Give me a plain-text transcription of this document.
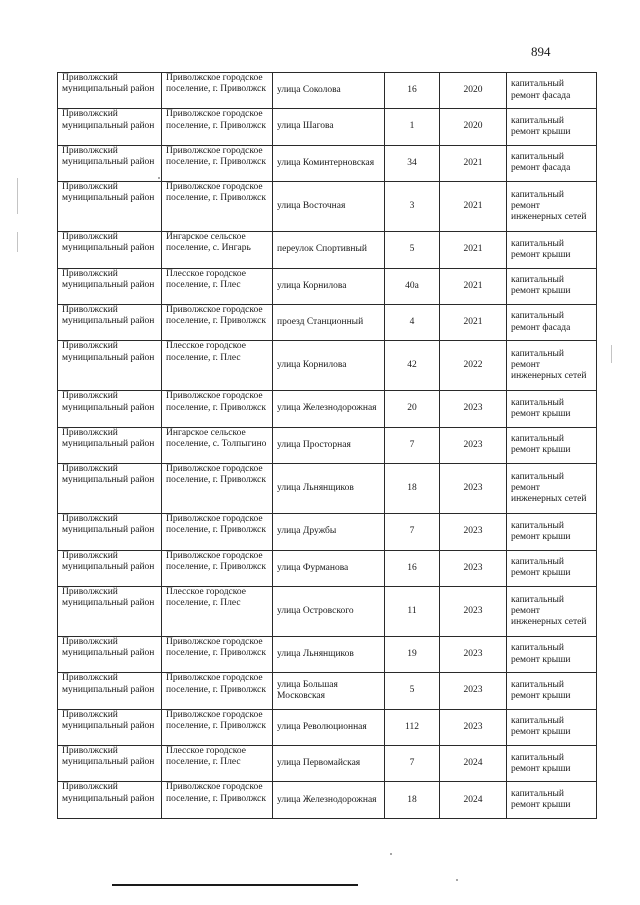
894
Приволжский муниципальный район	Приволжское городское поселение, г. Приволжск	улица Соколова	16	2020	капитальный ремонт фасада
Приволжский муниципальный район	Приволжское городское поселение, г. Приволжск	улица Шагова	1	2020	капитальный ремонт крыши
Приволжский муниципальный район	Приволжское городское поселение, г. Приволжск	улица Коминтерновская	34	2021	капитальный ремонт фасада
Приволжский муниципальный район	Приволжское городское поселение, г. Приволжск	улица Восточная	3	2021	капитальный ремонт инженерных сетей
Приволжский муниципальный район	Ингарское сельское поселение, с. Ингарь	переулок Спортивный	5	2021	капитальный ремонт крыши
Приволжский муниципальный район	Плесское городское поселение, г. Плес	улица Корнилова	40а	2021	капитальный ремонт крыши
Приволжский муниципальный район	Приволжское городское поселение, г. Приволжск	проезд Станционный	4	2021	капитальный ремонт фасада
Приволжский муниципальный район	Плесское городское поселение, г. Плес	улица Корнилова	42	2022	капитальный ремонт инженерных сетей
Приволжский муниципальный район	Приволжское городское поселение, г. Приволжск	улица Железнодорожная	20	2023	капитальный ремонт крыши
Приволжский муниципальный район	Ингарское сельское поселение, с. Толпыгино	улица Просторная	7	2023	капитальный ремонт крыши
Приволжский муниципальный район	Приволжское городское поселение, г. Приволжск	улица Льнянщиков	18	2023	капитальный ремонт инженерных сетей
Приволжский муниципальный район	Приволжское городское поселение, г. Приволжск	улица Дружбы	7	2023	капитальный ремонт крыши
Приволжский муниципальный район	Приволжское городское поселение, г. Приволжск	улица Фурманова	16	2023	капитальный ремонт крыши
Приволжский муниципальный район	Плесское городское поселение, г. Плес	улица Островского	11	2023	капитальный ремонт инженерных сетей
Приволжский муниципальный район	Приволжское городское поселение, г. Приволжск	улица Льнянщиков	19	2023	капитальный ремонт крыши
Приволжский муниципальный район	Приволжское городское поселение, г. Приволжск	улица Большая Московская	5	2023	капитальный ремонт крыши
Приволжский муниципальный район	Приволжское городское поселение, г. Приволжск	улица Революционная	112	2023	капитальный ремонт крыши
Приволжский муниципальный район	Плесское городское поселение, г. Плес	улица Первомайская	7	2024	капитальный ремонт крыши
Приволжский муниципальный район	Приволжское городское поселение, г. Приволжск	улица Железнодорожная	18	2024	капитальный ремонт крыши
